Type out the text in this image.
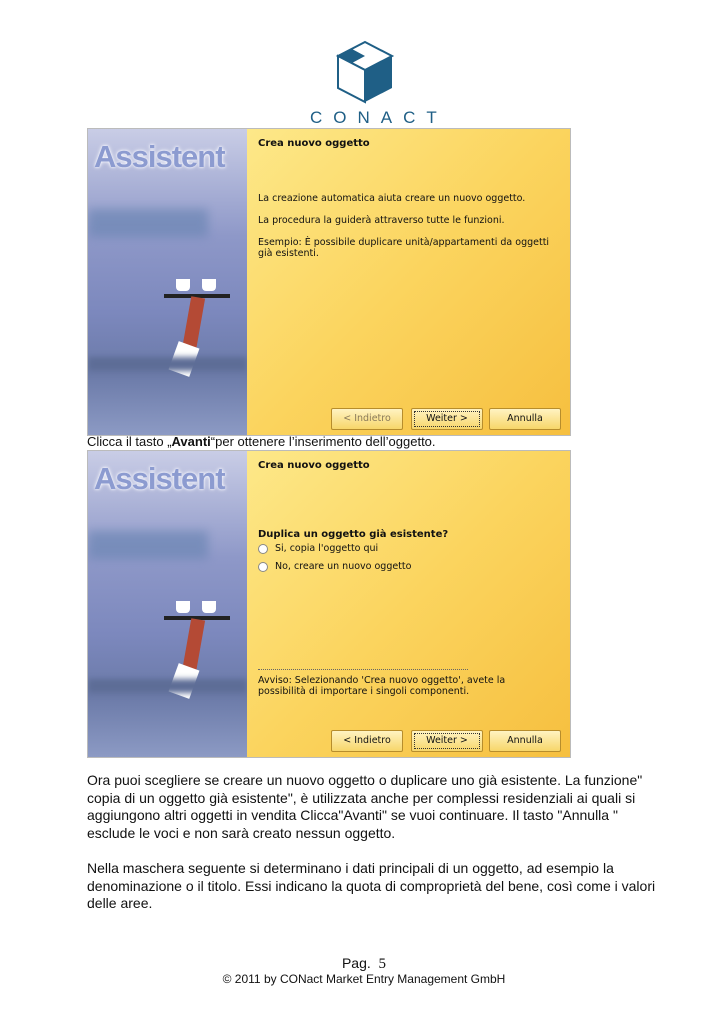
CONACT
Assistent	Crea nuovo oggetto

La creazione automatica aiuta creare un nuovo oggetto.

La procedura la guiderà attraverso tutte le funzioni.

Esempio: È possibile duplicare unità/appartamenti da oggetti già esistenti.

< Indietro	Weiter >	Annulla
Clicca il tasto „Avanti“per ottenere l’inserimento dell’oggetto.
Assistent	Crea nuovo oggetto
Duplica un oggetto già esistente?
Si, copia l'oggetto qui
No, creare un nuovo oggetto

Avviso: Selezionando 'Crea nuovo oggetto', avete la possibilità di importare i singoli componenti.

< Indietro	Weiter >	Annulla
Ora puoi scegliere se creare un nuovo oggetto o duplicare uno già esistente. La funzione" copia di un oggetto già esistente", è utilizzata anche per complessi residenziali ai quali si aggiungono altri oggetti in vendita Clicca"Avanti" se vuoi continuare. Il tasto "Annulla " esclude le voci e non sarà creato nessun oggetto.
Nella maschera seguente si determinano i dati principali di un oggetto, ad esempio la denominazione o il titolo. Essi indicano la quota di comproprietà del bene, così come i valori delle aree.
Pag. 5
© 2011 by CONact Market Entry Management GmbH
